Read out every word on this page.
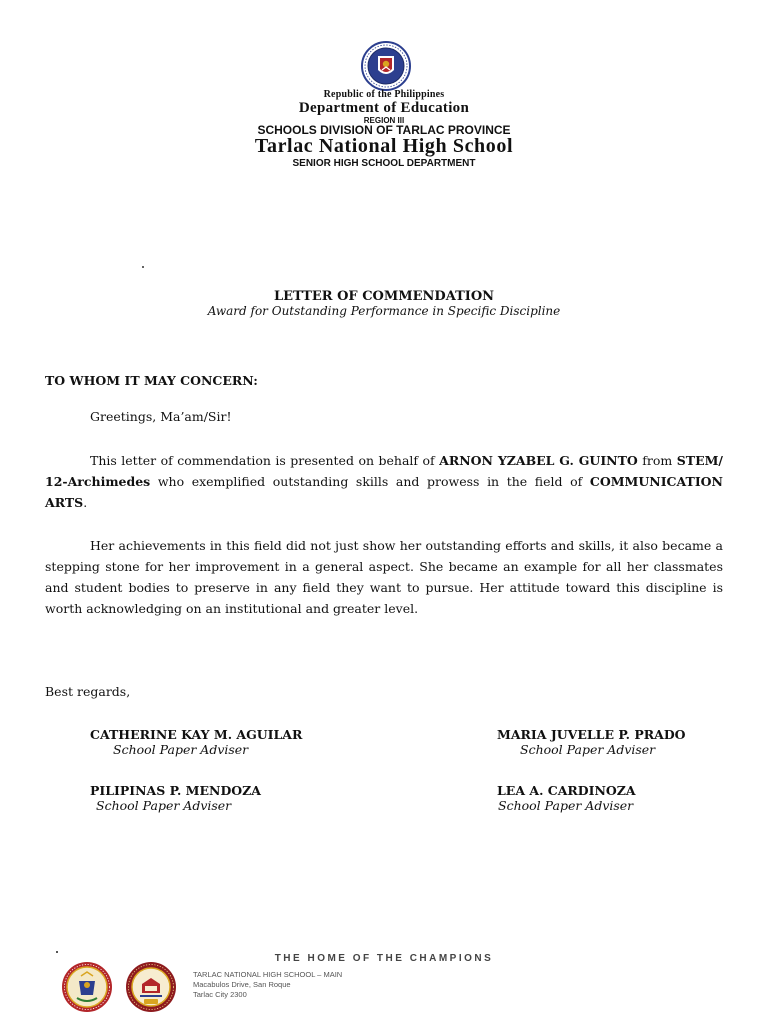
Republic of the Philippines
Department of Education
REGION III
SCHOOLS DIVISION OF TARLAC PROVINCE
Tarlac National High School
SENIOR HIGH SCHOOL DEPARTMENT
LETTER OF COMMENDATION
Award for Outstanding Performance in Specific Discipline
TO WHOM IT MAY CONCERN:
Greetings, Ma’am/Sir!
This letter of commendation is presented on behalf of ARNON YZABEL G. GUINTO from STEM/ 12-Archimedes who exemplified outstanding skills and prowess in the field of COMMUNICATION ARTS.
Her achievements in this field did not just show her outstanding efforts and skills, it also became a stepping stone for her improvement in a general aspect. She became an example for all her classmates and student bodies to preserve in any field they want to pursue. Her attitude toward this discipline is worth acknowledging on an institutional and greater level.
Best regards,
CATHERINE KAY M. AGUILAR
School Paper Adviser
MARIA JUVELLE P. PRADO
School Paper Adviser
PILIPINAS P. MENDOZA
School Paper Adviser
LEA A. CARDINOZA
School Paper Adviser
THE HOME OF THE CHAMPIONS
TARLAC NATIONAL HIGH SCHOOL – MAIN
Macabulos Drive, San Roque
Tarlac City 2300
